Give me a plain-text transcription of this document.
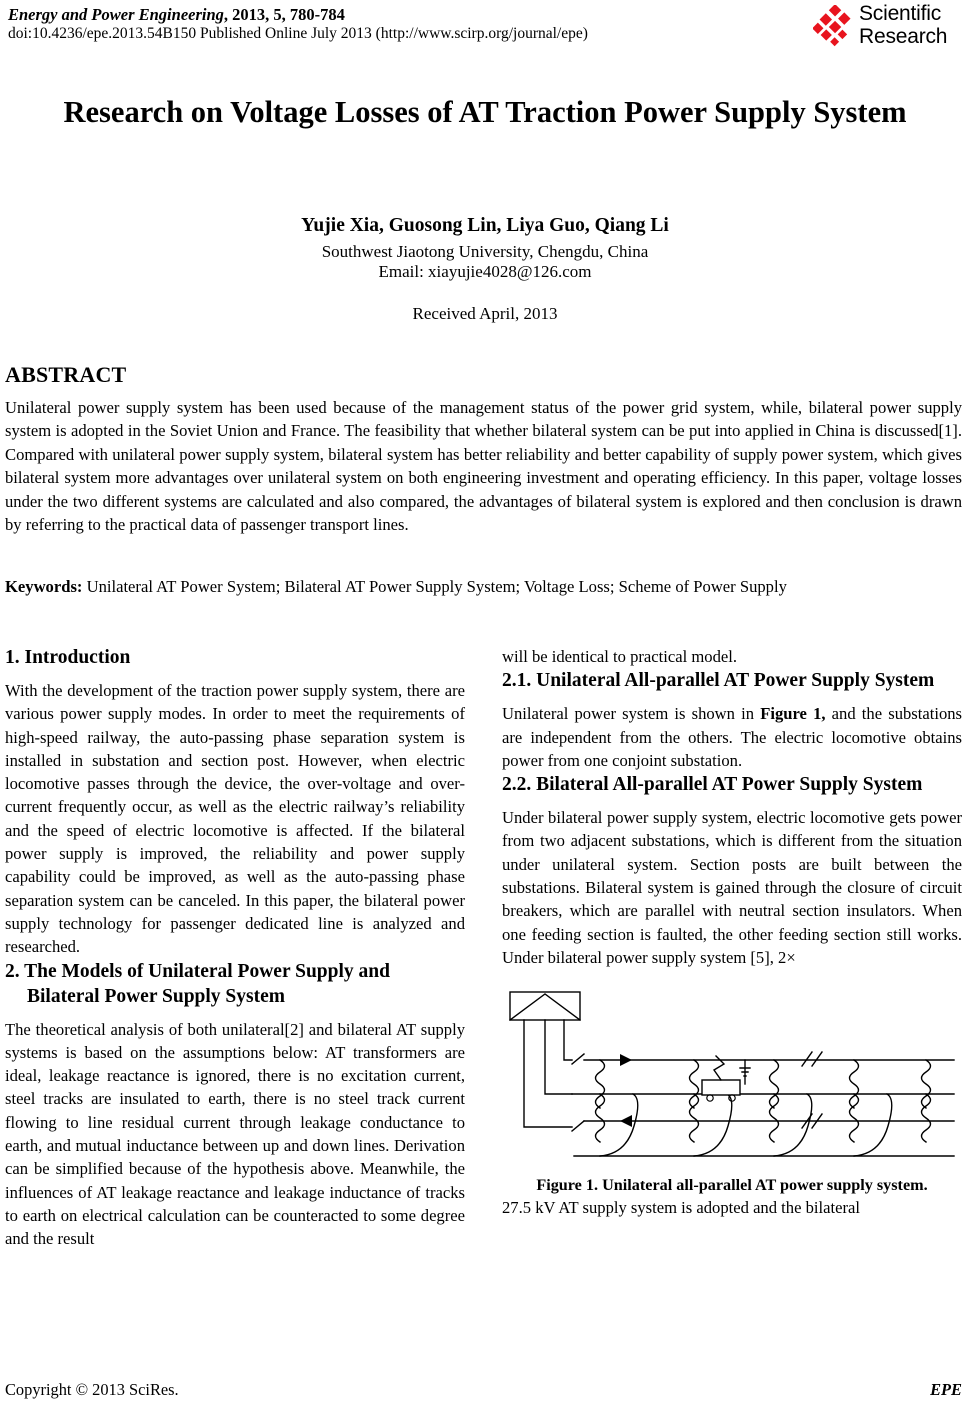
Energy and Power Engineering, 2013, 5, 780-784
doi:10.4236/epe.2013.54B150 Published Online July 2013 (http://www.scirp.org/journal/epe)
Scientific
Research
Research on Voltage Losses of AT Traction Power Supply System
Yujie Xia, Guosong Lin, Liya Guo, Qiang Li
Southwest Jiaotong University, Chengdu, China
Email: xiayujie4028@126.com
Received April, 2013
ABSTRACT
Unilateral power supply system has been used because of the management status of the power grid system, while, bilateral power supply system is adopted in the Soviet Union and France. The feasibility that whether bilateral system can be put into applied in China is discussed[1]. Compared with unilateral power supply system, bilateral system has better reliability and better capability of supply power system, which gives bilateral system more advantages over unilateral system on both engineering investment and operating efficiency. In this paper, voltage losses under the two different systems are calculated and also compared, the advantages of bilateral system is explored and then conclusion is drawn by referring to the practical data of passenger transport lines.
Keywords: Unilateral AT Power System; Bilateral AT Power Supply System; Voltage Loss; Scheme of Power Supply
1. Introduction

With the development of the traction power supply system, there are various power supply modes. In order to meet the requirements of high-speed railway, the auto-passing phase separation system is installed in substation and section post. However, when electric locomotive passes through the device, the over-voltage and over-current frequently occur, as well as the electric railway’s reliability and the speed of electric locomotive is affected. If the bilateral power supply is improved, the reliability and power supply capability could be improved, as well as the auto-passing phase separation system can be canceled. In this paper, the bilateral power supply technology for passenger dedicated line is analyzed and researched.

2. The Models of Unilateral Power Supply and Bilateral Power Supply System

The theoretical analysis of both unilateral[2] and bilateral AT supply systems is based on the assumptions below: AT transformers are ideal, leakage reactance is ignored, there is no excitation current, steel tracks are insulated to earth, there is no steel track current flowing to line residual current through leakage conductance to earth, and mutual inductance between up and down lines. Derivation can be simplified because of the hypothesis above. Meanwhile, the influences of AT leakage reactance and leakage inductance of tracks to earth on electrical calculation can be counteracted to some degree and the result

will be identical to practical model.

2.1. Unilateral All-parallel AT Power Supply System

Unilateral power system is shown in Figure 1, and the substations are independent from the others. The electric locomotive obtains power from one conjoint substation.

2.2. Bilateral All-parallel AT Power Supply System

Under bilateral power supply system, electric locomotive gets power from two adjacent substations, which is different from the situation under unilateral system. Section posts are built between the substations. Bilateral system is gained through the closure of circuit breakers, which are parallel with neutral section insulators. When one feeding section is faulted, the other feeding section still works. Under bilateral power supply system [5], 2×

Figure 1. Unilateral all-parallel AT power supply system.

27.5 kV AT supply system is adopted and the bilateral

Copyright © 2013 SciRes.	EPE
